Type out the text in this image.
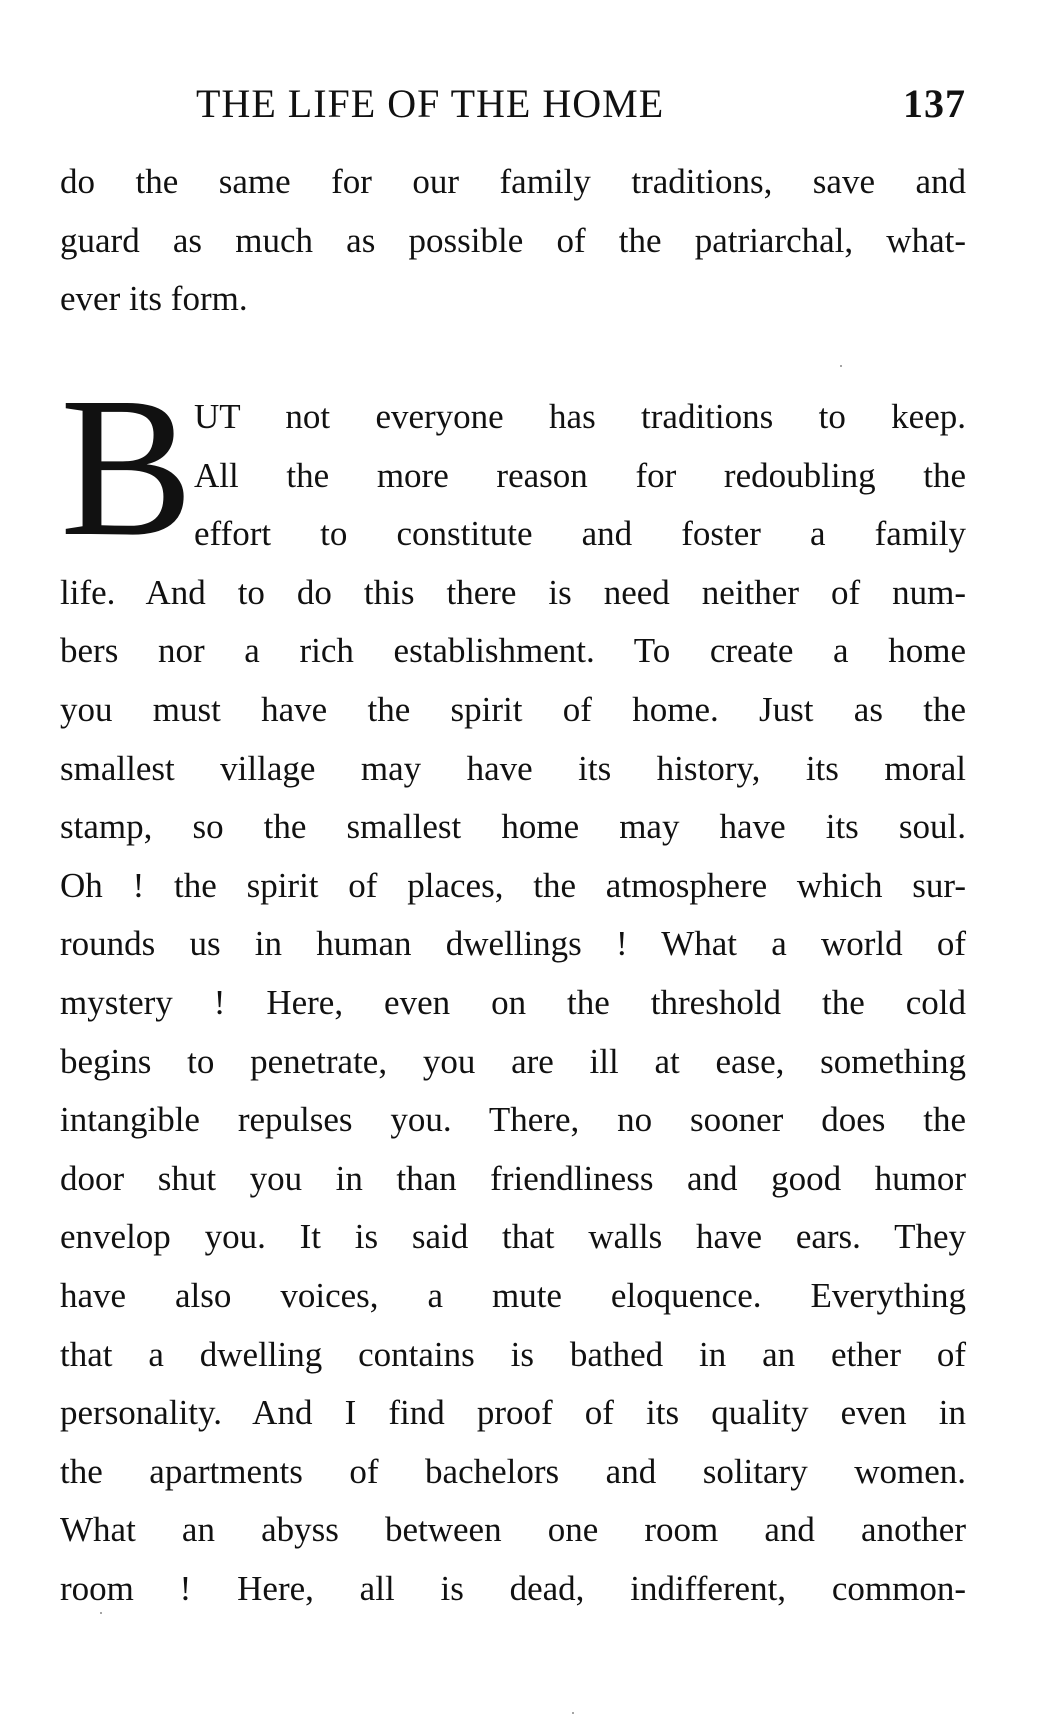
THE LIFE OF THE HOME	137
do the same for our family traditions, save and
guard as much as possible of the patriarchal, what-
ever its form.
B UT not everyone has traditions to keep.
All the more reason for redoubling the
effort to constitute and foster a family
life. And to do this there is need neither of num-
bers nor a rich establishment. To create a home
you must have the spirit of home. Just as the
smallest village may have its history, its moral
stamp, so the smallest home may have its soul.
Oh ! the spirit of places, the atmosphere which sur-
rounds us in human dwellings ! What a world of
mystery ! Here, even on the threshold the cold
begins to penetrate, you are ill at ease, something
intangible repulses you. There, no sooner does the
door shut you in than friendliness and good humor
envelop you. It is said that walls have ears. They
have also voices, a mute eloquence. Everything
that a dwelling contains is bathed in an ether of
personality. And I find proof of its quality even in
the apartments of bachelors and solitary women.
What an abyss between one room and another
room ! Here, all is dead, indifferent, common-
